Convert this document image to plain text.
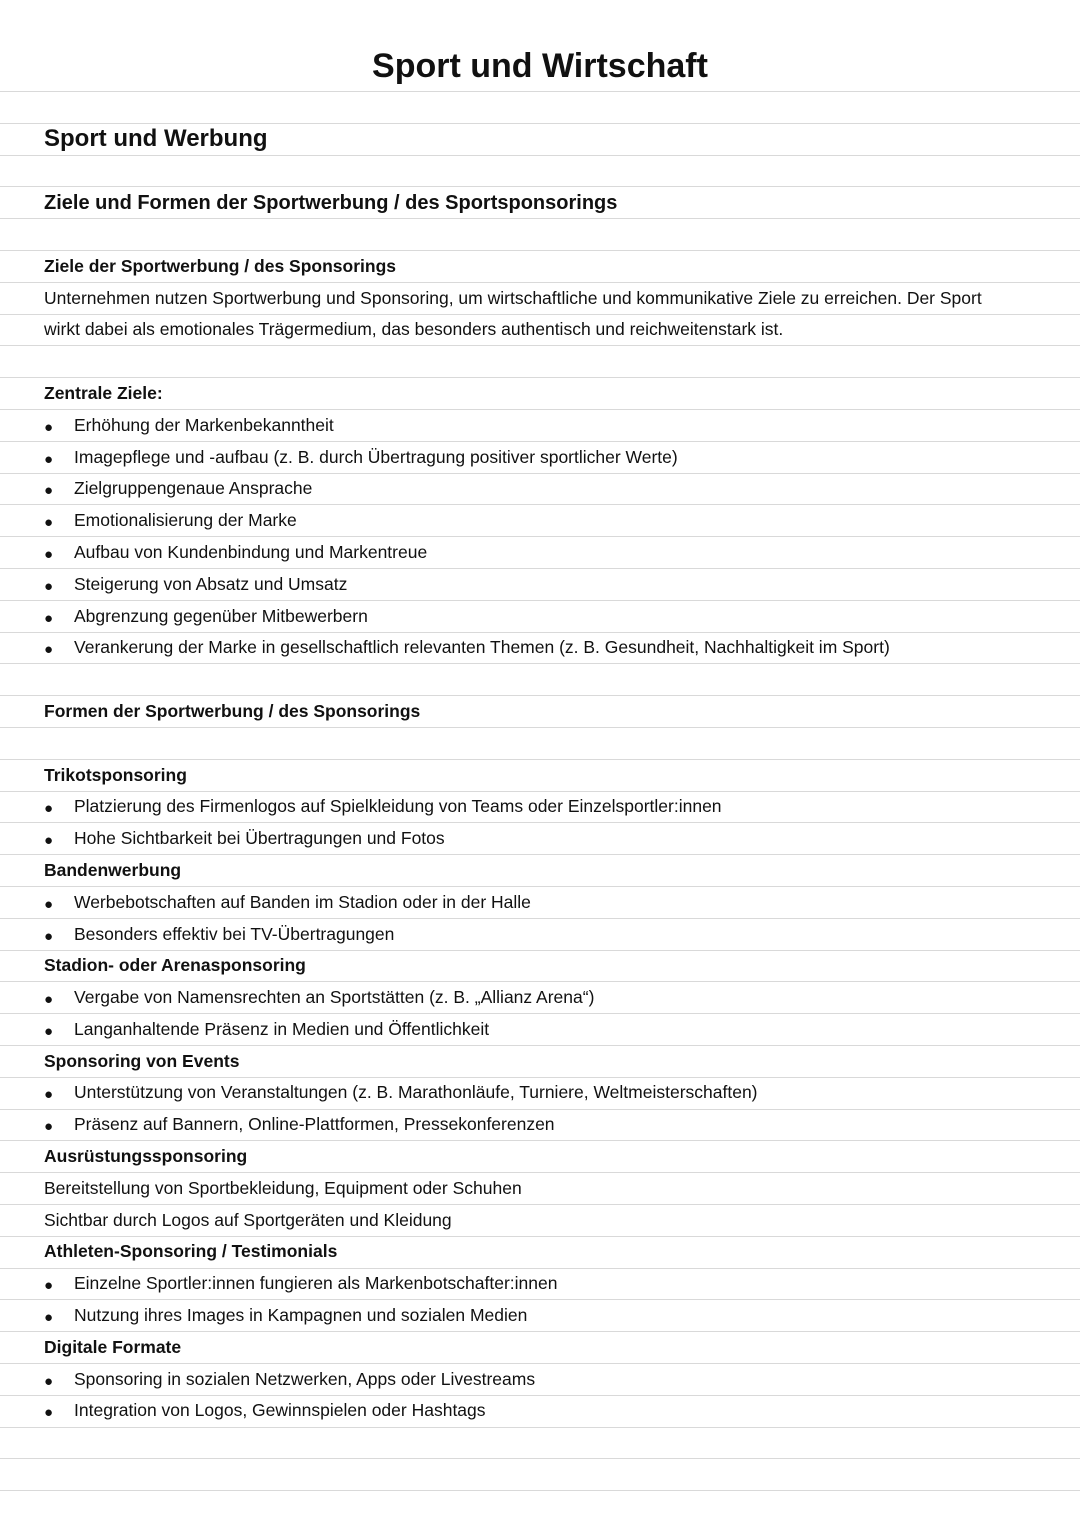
Sport und Wirtschaft
Sport und Werbung
Ziele und Formen der Sportwerbung / des Sportsponsorings
Ziele der Sportwerbung / des Sponsorings
Unternehmen nutzen Sportwerbung und Sponsoring, um wirtschaftliche und kommunikative Ziele zu erreichen. Der Sport
wirkt dabei als emotionales Trägermedium, das besonders authentisch und reichweitenstark ist.
Zentrale Ziele:
●	Erhöhung der Markenbekanntheit
●	Imagepflege und -aufbau (z. B. durch Übertragung positiver sportlicher Werte)
●	Zielgruppengenaue Ansprache
●	Emotionalisierung der Marke
●	Aufbau von Kundenbindung und Markentreue
●	Steigerung von Absatz und Umsatz
●	Abgrenzung gegenüber Mitbewerbern
●	Verankerung der Marke in gesellschaftlich relevanten Themen (z. B. Gesundheit, Nachhaltigkeit im Sport)
Formen der Sportwerbung / des Sponsorings
Trikotsponsoring
●	Platzierung des Firmenlogos auf Spielkleidung von Teams oder Einzelsportler:innen
●	Hohe Sichtbarkeit bei Übertragungen und Fotos
Bandenwerbung
●	Werbebotschaften auf Banden im Stadion oder in der Halle
●	Besonders effektiv bei TV-Übertragungen
Stadion- oder Arenasponsoring
●	Vergabe von Namensrechten an Sportstätten (z. B. „Allianz Arena“)
●	Langanhaltende Präsenz in Medien und Öffentlichkeit
Sponsoring von Events
●	Unterstützung von Veranstaltungen (z. B. Marathonläufe, Turniere, Weltmeisterschaften)
●	Präsenz auf Bannern, Online-Plattformen, Pressekonferenzen
Ausrüstungssponsoring
Bereitstellung von Sportbekleidung, Equipment oder Schuhen
Sichtbar durch Logos auf Sportgeräten und Kleidung
Athleten-Sponsoring / Testimonials
●	Einzelne Sportler:innen fungieren als Markenbotschafter:innen
●	Nutzung ihres Images in Kampagnen und sozialen Medien
Digitale Formate
●	Sponsoring in sozialen Netzwerken, Apps oder Livestreams
●	Integration von Logos, Gewinnspielen oder Hashtags
